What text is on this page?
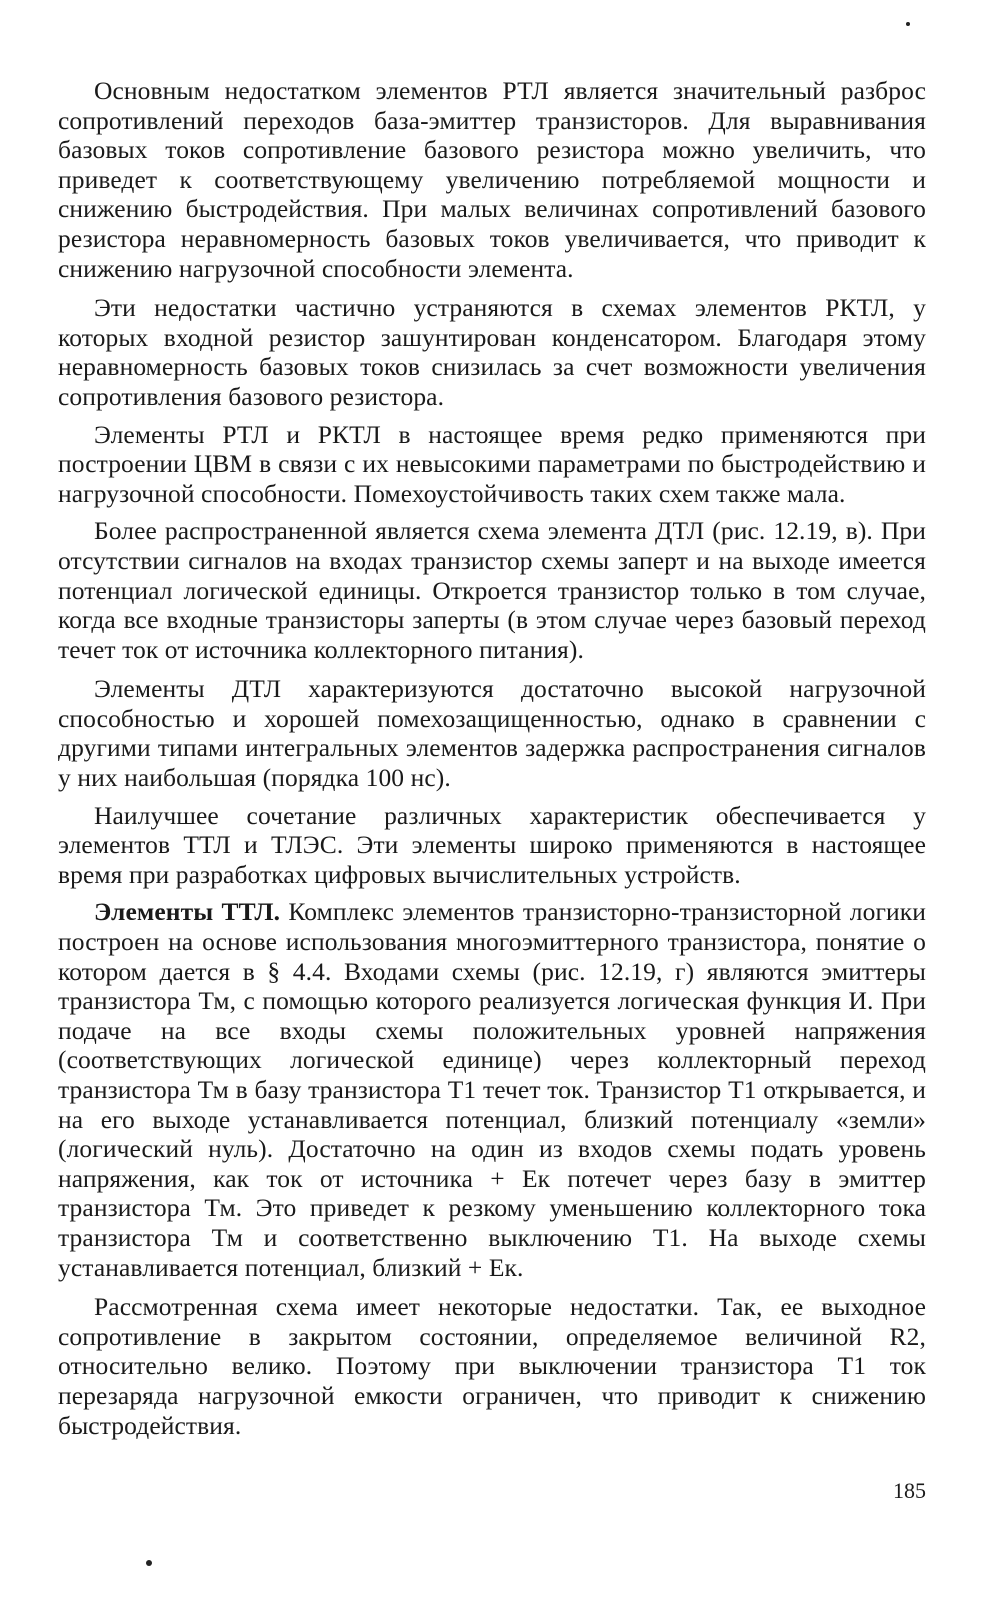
Основным недостатком элементов РТЛ является значительный разброс сопротивлений переходов база-эмиттер транзисторов. Для выравнивания базовых токов сопротивление базового резистора можно увеличить, что приведет к соответствующему увеличению потребляемой мощности и снижению быстродействия. При малых величинах сопротивлений базового резистора неравномерность базовых токов увеличивается, что приводит к снижению нагрузочной способности элемента.

Эти недостатки частично устраняются в схемах элементов РКТЛ, у которых входной резистор зашунтирован конденсатором. Благодаря этому неравномерность базовых токов снизилась за счет возможности увеличения сопротивления базового резистора.

Элементы РТЛ и РКТЛ в настоящее время редко применяются при построении ЦВМ в связи с их невысокими параметрами по быстродействию и нагрузочной способности. Помехоустойчивость таких схем также мала.

Более распространенной является схема элемента ДТЛ (рис. 12.19, в). При отсутствии сигналов на входах транзистор схемы заперт и на выходе имеется потенциал логической единицы. Откроется транзистор только в том случае, когда все входные транзисторы заперты (в этом случае через базовый переход течет ток от источника коллекторного питания).

Элементы ДТЛ характеризуются достаточно высокой нагрузочной способностью и хорошей помехозащищенностью, однако в сравнении с другими типами интегральных элементов задержка распространения сигналов у них наибольшая (порядка 100 нс).

Наилучшее сочетание различных характеристик обеспечивается у элементов ТТЛ и ТЛЭС. Эти элементы широко применяются в настоящее время при разработках цифровых вычислительных устройств.

Элементы ТТЛ. Комплекс элементов транзисторно-транзисторной логики построен на основе использования многоэмиттерного транзистора, понятие о котором дается в § 4.4. Входами схемы (рис. 12.19, г) являются эмиттеры транзистора Тм, с помощью которого реализуется логическая функция И. При подаче на все входы схемы положительных уровней напряжения (соответствующих логической единице) через коллекторный переход транзистора Тм в базу транзистора Т1 течет ток. Транзистор Т1 открывается, и на его выходе устанавливается потенциал, близкий потенциалу «земли» (логический нуль). Достаточно на один из входов схемы подать уровень напряжения, как ток от источника + Ек потечет через базу в эмиттер транзистора Тм. Это приведет к резкому уменьшению коллекторного тока транзистора Тм и соответственно выключению Т1. На выходе схемы устанавливается потенциал, близкий + Ек.

Рассмотренная схема имеет некоторые недостатки. Так, ее выходное сопротивление в закрытом состоянии, определяемое величиной R2, относительно велико. Поэтому при выключении транзистора Т1 ток перезаряда нагрузочной емкости ограничен, что приводит к снижению быстродействия.

185
